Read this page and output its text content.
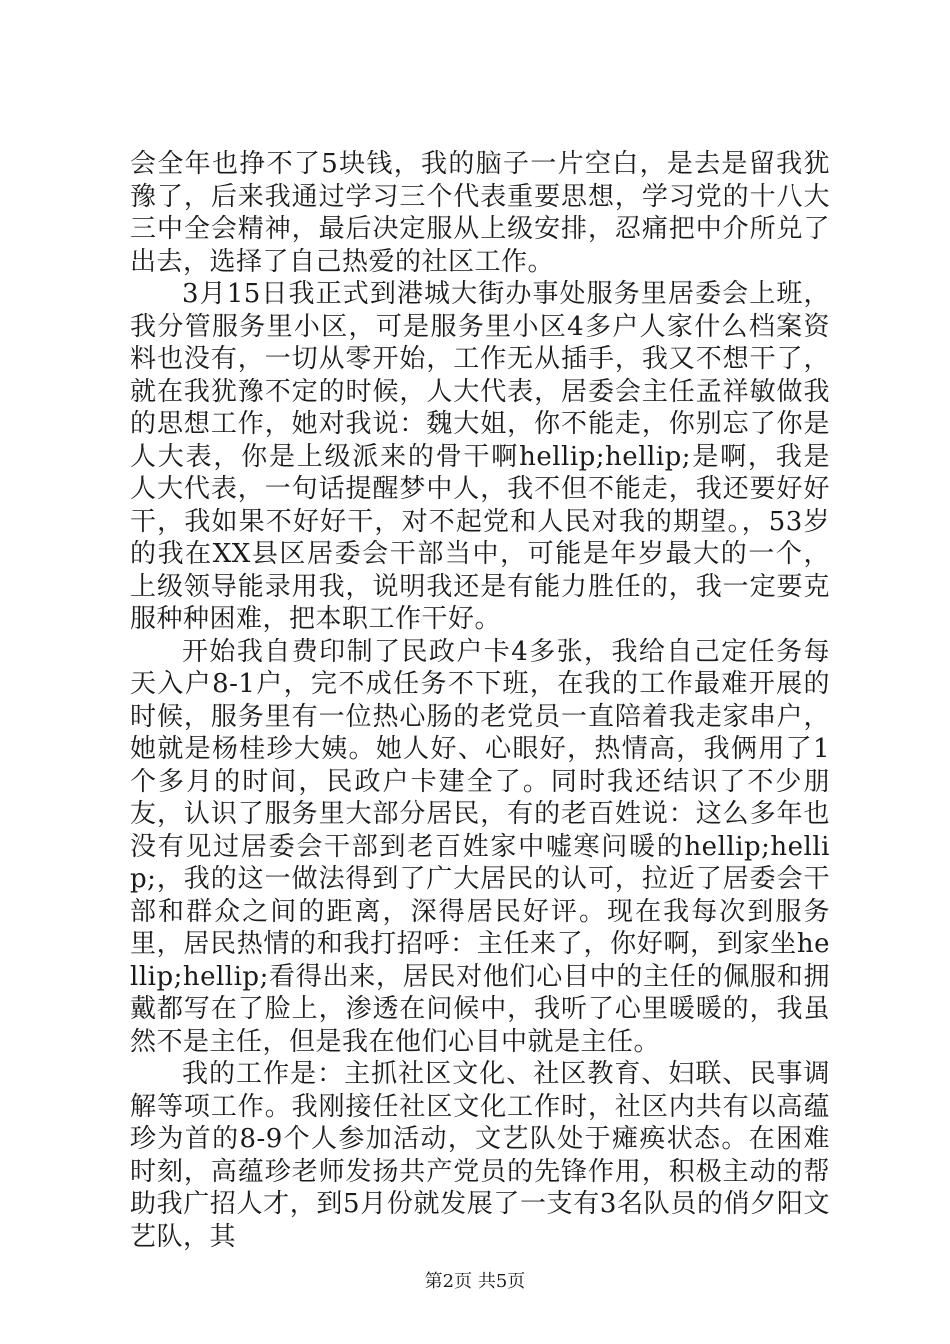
会全年也挣不了5块钱，我的脑子一片空白，是去是留我犹豫了，后来我通过学习三个代表重要思想，学习党的十八大三中全会精神，最后决定服从上级安排，忍痛把中介所兑了出去，选择了自己热爱的社区工作。

3月15日我正式到港城大街办事处服务里居委会上班，我分管服务里小区，可是服务里小区4多户人家什么档案资料也没有，一切从零开始，工作无从插手，我又不想干了，就在我犹豫不定的时候，人大代表，居委会主任孟祥敏做我的思想工作，她对我说：魏大姐，你不能走，你别忘了你是人大表，你是上级派来的骨干啊hellip;hellip;是啊，我是人大代表，一句话提醒梦中人，我不但不能走，我还要好好干，我如果不好好干，对不起党和人民对我的期望。，53岁的我在XX县区居委会干部当中，可能是年岁最大的一个，上级领导能录用我，说明我还是有能力胜任的，我一定要克服种种困难，把本职工作干好。

开始我自费印制了民政户卡4多张，我给自己定任务每天入户8-1户，完不成任务不下班，在我的工作最难开展的时候，服务里有一位热心肠的老党员一直陪着我走家串户，她就是杨桂珍大姨。她人好、心眼好，热情高，我俩用了1个多月的时间，民政户卡建全了。同时我还结识了不少朋友，认识了服务里大部分居民，有的老百姓说：这么多年也没有见过居委会干部到老百姓家中嘘寒问暖的hellip;hellip;，我的这一做法得到了广大居民的认可，拉近了居委会干部和群众之间的距离，深得居民好评。现在我每次到服务里，居民热情的和我打招呼：主任来了，你好啊，到家坐hellip;hellip;看得出来，居民对他们心目中的主任的佩服和拥戴都写在了脸上，渗透在问候中，我听了心里暖暖的，我虽然不是主任，但是我在他们心目中就是主任。

我的工作是：主抓社区文化、社区教育、妇联、民事调解等项工作。我刚接任社区文化工作时，社区内共有以高蕴珍为首的8-9个人参加活动，文艺队处于瘫痪状态。在困难时刻，高蕴珍老师发扬共产党员的先锋作用，积极主动的帮助我广招人才，到5月份就发展了一支有3名队员的俏夕阳文艺队，其

第2页 共5页
